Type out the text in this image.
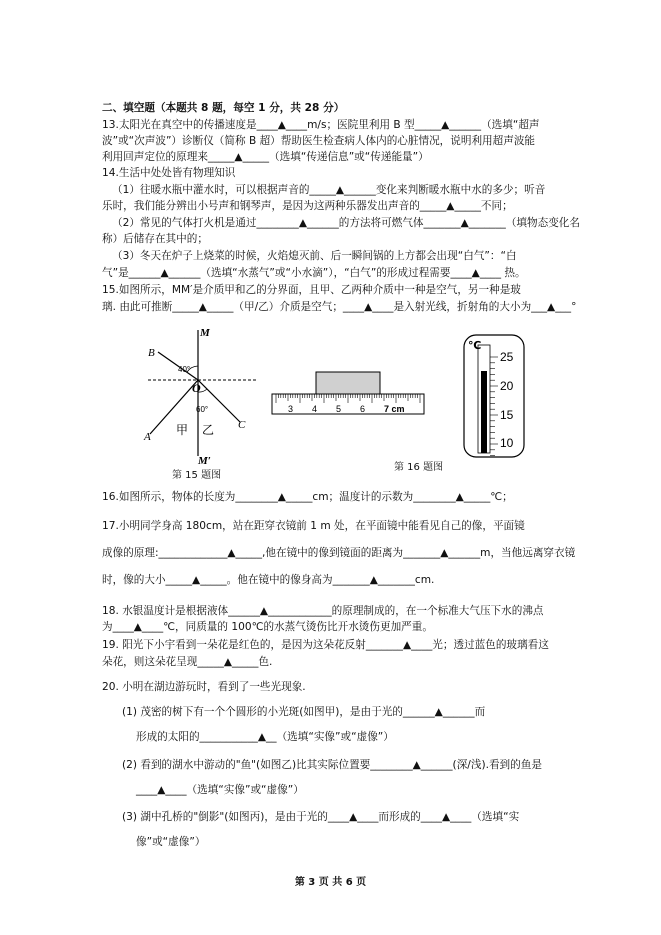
二、填空题（本题共 8 题，每空 1 分，共 28 分）
13.太阳光在真空中的传播速度是____▲____m/s；医院里利用 B 型_____▲______（选填“超声
波”或“次声波”）诊断仪（简称 B 超）帮助医生检查病人体内的心脏情况，说明利用超声波能
利用回声定位的原理来_____▲_____（选填“传递信息”或“传递能量”）
14.生活中处处皆有物理知识
（1）往暖水瓶中灌水时，可以根据声音的_____▲______变化来判断暖水瓶中水的多少；听音
乐时，我们能分辨出小号声和钢琴声，是因为这两种乐器发出声音的_____▲_____不同；
（2）常见的气体打火机是通过________▲______的方法将可燃气体_______▲_______（填物态变化名
称）后储存在其中的；
（3）冬天在炉子上烧菜的时候，火焰熄灭前、后一瞬间锅的上方都会出现“白气”：“白
气”是______▲______（选填“水蒸气”或“小水滴”），“白气”的形成过程需要____▲____ 热。
15.如图所示，MM′是介质甲和乙的分界面，且甲、乙两种介质中一种是空气，另一种是玻
璃. 由此可推断_____▲_____（甲/乙）介质是空气；____▲____是入射光线，折射角的大小为___▲___°
16.如图所示，物体的长度为________▲_____cm；温度计的示数为________▲_____℃；
17.小明同学身高 180cm，站在距穿衣镜前 1 m 处，在平面镜中能看见自己的像，平面镜
成像的原理:_____________▲_____,他在镜中的像到镜面的距离为_______▲______m，当他远离穿衣镜
时，像的大小_____▲_____。他在镜中的像身高为_______▲_______cm.
18. 水银温度计是根据液体______▲____________的原理制成的，在一个标准大气压下水的沸点
为____▲____℃，同质量的 100℃的水蒸气烫伤比开水烫伤更加严重。
19. 阳光下小宇看到一朵花是红色的，是因为这朵花反射_______▲____光；透过蓝色的玻璃看这
朵花，则这朵花呈现_____▲_____色.
20. 小明在湖边游玩时，看到了一些光现象.
(1) 茂密的树下有一个个圆形的小光斑(如图甲)，是由于光的______▲______而
形成的太阳的___________▲__（选填“实像”或“虚像”）
(2) 看到的湖水中游动的"鱼"(如图乙)比其实际位置要________▲______(深/浅).看到的鱼是
____▲____（选填“实像”或“虚像”）
(3) 湖中孔桥的"倒影"(如图丙)，是由于光的____▲____而形成的____▲____（选填“实
像”或“虚像”）
M
B
40°
O
60°
甲 乙
A
C
M′
第 15 题图
3 4 5 6 7 cm
℃
25
20
15
10
第 16 题图
第 3 页 共 6 页
